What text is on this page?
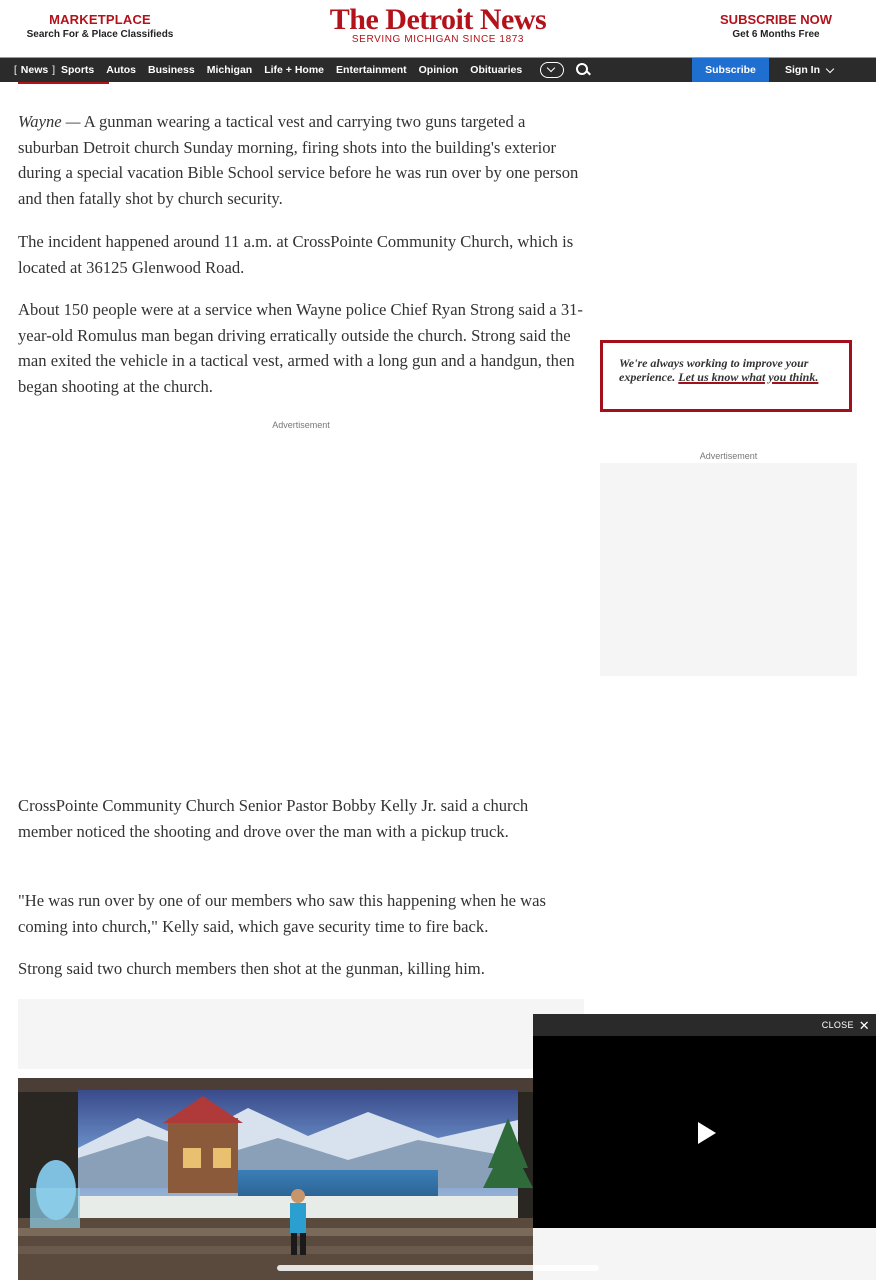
MARKETPLACE
Search For & Place Classifieds	The Detroit News
SERVING MICHIGAN SINCE 1873
SUBSCRIBE NOW
Get 6 Months Free
[ News ] Sports Autos Business Michigan Life + Home Entertainment Opinion Obituaries	Subscribe	Sign In

Wayne — A gunman wearing a tactical vest and carrying two guns targeted a suburban Detroit church Sunday morning, firing shots into the building's exterior during a special vacation Bible School service before he was run over by one person and then fatally shot by church security.

The incident happened around 11 a.m. at CrossPointe Community Church, which is located at 36125 Glenwood Road.

About 150 people were at a service when Wayne police Chief Ryan Strong said a 31-year-old Romulus man began driving erratically outside the church. Strong said the man exited the vehicle in a tactical vest, armed with a long gun and a handgun, then began shooting at the church.

Advertisement

CrossPointe Community Church Senior Pastor Bobby Kelly Jr. said a church member noticed the shooting and drove over the man with a pickup truck.

"He was run over by one of our members who saw this happening when he was coming into church," Kelly said, which gave security time to fire back.

Strong said two church members then shot at the gunman, killing him.

We're always working to improve your experience. Let us know what you think.
Advertisement
CLOSE ✕
